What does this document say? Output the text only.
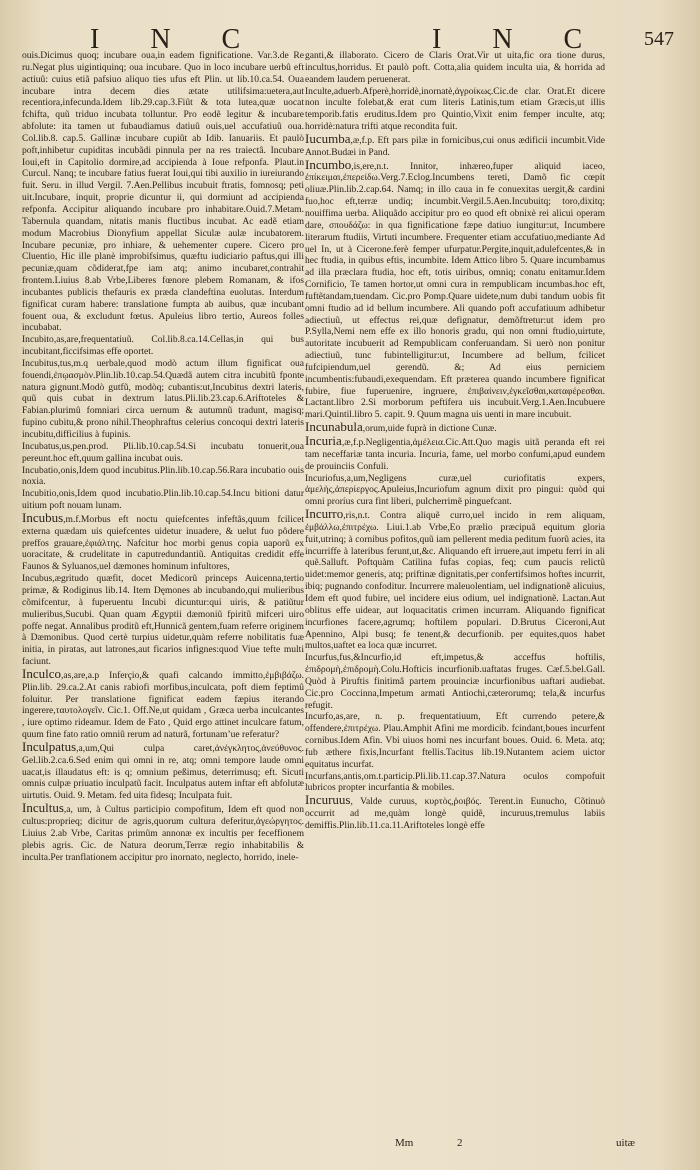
I N C	I N C 547

ouis.Dicimus quoq; incubare oua,in eadem fignificatione. Var.3.de Re ru.Negat plus uigintiquinq; oua incubare. Quo in loco incubare uerbû eft actiuû: cuius etiã pafsiuo aliquo ties ufus eft Plin. ut lib.10.ca.54. Oua incubare intra decem dies ætate utilifsima:uetera,aut recentiora,infecunda.Idem lib.29.cap.3.Fiût & tota lutea,quæ uocat fchifta, quũ triduo incubata tolluntur. Pro eodẽ legitur & incubare abfolute: ita tamen ut fubaudiamus datiuû ouis,uel accufatiuû oua. Col.lib.8. cap.5. Gallinæ incubare cupiût ab Idib. Ianuariis. Et paulò poft,inhibetur cupiditas incubãdi pinnula per na res traiectâ. Incubare Ioui,eft in Capitolio dormire,ad accipienda à Ioue refponfa. Plaut.in Curcul. Nanq; te incubare fatius fuerat Ioui,qui tibi auxilio in iureiurando fuit. Seru. in illud Vergil. 7.Aen.Pellibus incubuit ftratis, fomnosq; peti uit.Incubare, inquit, proprie dicuntur ii, qui dormiunt ad accipienda refponfa. Accipitur aliquando incubare pro inhabitare.Ouid.7.Metam. Tabernula quandam, nitatis manis fluctibus incubat. Ac eadẽ etiam modum Macrobius Dionyfium appellat Siculæ aulæ incubatorem. Incubare pecuniæ, pro inhiare, & uehementer cupere. Cicero pro Cluentio, Hic ille planè improbifsimus, quæftu iudiciario paftus,qui illi pecuniæ,quam cõdiderat,fpe iam atq; animo incubaret,contrahit frontem.Liuius 8.ab Vrbe,Liberes fœnore plebem Romanam, & ifos incubantes publicis thefauris ex præda clandeftina euolutas. Interdum fignificat curam habere: translatione fumpta ab auibus, quæ incubant fouent oua, & excludunt fœtus. Apuleius libro tertio, Aureos folles incubabat.

Incubito,as,are,frequentatiuũ. Col.lib.8.ca.14.Cellas,in qui bus incubitant,ficcifsimas effe oportet.

Incubitus,tus,m.q uerbale,quod modò actum illum fignificat oua fouendi,ἐπῳασμὸν.Plin.lib.10.cap.54.Quædã autem citra incubitũ fponte natura gignunt.Modò gutfũ, modòq; cubantis:ut,Incubitus dextri lateris, quũ quis cubat in dextrum latus.Pli.lib.23.cap.6.Ariftoteles & Fabian.plurimû fomniari circa uernum & autumnũ tradunt, magisq; fupino cubitu,& prono nihil.Theophraftus celerius concoqui dextri lateris incubitu,difficilius à fupinis.

Incubatus,us,pen.prod. Pli.lib.10.cap.54.Si incubatu tonuerit,oua pereunt.hoc eft,quum gallina incubat ouis.

Incubatio,onis,Idem quod incubitus.Plin.lib.10.cap.56.Rara incubatio ouis noxia.

Incubitio,onis,Idem quod incubatio.Plin.lib.10.cap.54.Incu bitioni datur uitium poft nouam lunam.

Incubus,m.f.Morbus eft noctu quiefcentes infeftãs,quum fcilicet externa quædam uis quiefcentes uidetur inuadere, & uelut fuo pôdere preffos grauare,ἐφιάλτης. Nafcitur hoc morbi genus copia uaporũ ex uoracitate, & crudelitate in caputredundantiũ. Antiquitas credidit effe Faunos & Syluanos,uel dæmones hominum infultores,

Incubus,ægritudo quæfit, docet Medicorũ princeps Auicenna,tertio primæ, & Rodiginus lib.14. Item Dęmones ab incubando,qui mulieribus cõmifcentur, à fuperuentu Incubi dicuntur:qui uiris, & patiũtur mulieribus,Sucubi. Quan quam Ægyptii dæmoniũ fpiritũ mifceri uiro poffe negat. Annalibus proditũ eft,Hunnicã gentem,fuam referre originem à Dæmonibus. Quod certè turpius uidetur,quàm referre nobilitatis fuæ initia, in piratas, aut latrones,aut ficarios infignes:quod Viue tefte multi faciunt.

Inculco,as,are,a.p Inferçio,& quafi calcando immitto,ἐμβιβάζω. Plin.lib. 29.ca.2.At canis rabiofi morfibus,inculcata, poft diem feptimû foluitur. Per translatione fignificat eadem fæpius iterando ingerere,ταυτολογεῖν. Cic.1. Off.Ne,ut quidam , Græca uerba inculcantes , iure optimo rideamur. Idem de Fato , Quid ergo attinet inculcare fatum, quum fine fato ratio omniũ rerum ad naturã, fortunamʼue referatur?

Inculpatus,a,um,Qui culpa caret,ἀνέγκλητος,ἀνεύθυνος. Gel.lib.2.ca.6.Sed enim qui omni in re, atq; omni tempore laude omni uacat,is illaudatus eft: is q; omnium peßimus, deterrimusq; eft. Sicuti omnis culpæ priuatio inculpatũ facit. Inculpatus autem inftar eft abfolutæ uirtutis. Ouid. 9. Metam. fed uita fidesq; Inculpata fuit.

Incultus,a, um, à Cultus participio compofitum, Idem eft quod non cultus:proprieq; dicitur de agris,quorum cultura deferitur,ἀγεώργητος. Liuius 2.ab Vrbe, Caritas primũm annonæ ex incultis per feceffionem plebis agris. Cic. de Natura deorum,Terræ regio inhabitabilis & inculta.Per tranflationem accipitur pro inornato, neglecto, horrido, inele-

ganti,& illaborato. Cicero de Claris Orat.Vir ut uita,fic ora tione durus, incultus,horridus. Et paulò poft. Cotta,alia quidem inculta uia, & horrida ad eandem laudem peruenerat.

Inculte,aduerb.Afperè,horridè,inornatè,ἀγροίκως.Cic.de clar. Orat.Et dicere non inculte folebat,& erat cum literis Latinis,tum etiam Græcis,ut illis temporib.fatis eruditus.Idem pro Quintio,Vixit enim femper inculte, atq; horridè:natura trifti atque recondita fuit.

Iucumba,æ,f.p. Eft pars pilæ in fornicibus,cui onus ædificii incumbit.Vide Annot.Budæi in Pand.

Incumbo,is,ere,n.t. Innitor, inhæreo,fuper aliquid iaceo, ἐπίκειμαι,ἐπερείδω.Verg.7.Eclog.Incumbens tereti, Damõ fic cœpit oliuæ.Plin.lib.2.cap.64. Namq; in illo caua in fe conuexitas uergit,& cardini fuo,hoc eft,terræ undiq; incumbit.Vergil.5.Aen.Incubuitq; toro,dixitq; nouiffima uerba. Aliquãdo accipitur pro eo quod eft obnixè rei alicui operam dare, σπουδάζω: in qua fignificatione fæpe datiuo iungitur:ut, Incumbere literarum ftudiis, Virtuti incumbere. Frequenter etiam accufatiuo,mediante Ad uel In, ut à Cicerone.ferè femper ufurpatur.Pergite,inquit,adulefcentes,& in hec ftudia, in quibus eftis, incumbite. Idem Attico libro 5. Quare incumbamus ad illa præclara ftudia, hoc eft, totis uiribus, omniq; conatu enitamur.Idem Cornificio, Te tamen hortor,ut omni cura in rempublicam incumbas.hoc eft, fuftẽtandam,tuendam. Cic.pro Pomp.Quare uidete,num dubi tandum uobis fit omni ftudio ad id bellum incumbere. Ali quando poft accufatiuum adhibetur adiectiuũ, ut effectus rei,quæ defignatur, demõftretur:ut idem pro P.Sylla,Nemi nem effe ex illo honoris gradu, qui non omni ftudio,uirtute, autoritate incubuerit ad Rempublicam conferuandam. Si uerò non ponitur adiectiuũ, tunc fubintelligitur:ut, Incumbere ad bellum, fcilicet fufcipiendum,uel gerendũ. &; Ad eius perniciem incumbentis:fubaudi,exequendam. Eft præterea quando incumbere fignificat fubire, fiue fuperuenire, ingruere, ἐπιβαίνειν,ἐγκεῖσθαι,καταφέρεσθαι. Lactant.libro 2.Si morborum peftifera uis incubuit.Verg.1.Aen.Incubuere mari.Quintil.libro 5. capit. 9. Quum magna uis uenti in mare incubuit.

Incunabula,orum,uide fuprà in dictione Cunæ.

Incuria,æ,f.p.Negligentia,ἀμέλεια.Cic.Att.Quo magis uitã peranda eft rei tam neceffariæ tanta incuria. Incuria, fame, uel morbo confumi,apud eundem de prouinciis Confuli.

Incuriofus,a,um,Negligens curæ,uel curiofitatis expers, ἀμελὴς,ἀπερίεργος.Apuleius,Incuriofum agnum dixit pro pingui: quòd qui omni proríus cura fint liberi, pulcherrimẽ pinguefcant.

Incurro,ris,n.t. Contra aliquẽ curro,uel incido in rem aliquam, ἐμβάλλω,ἐπιτρέχω. Liui.1.ab Vrbe,Eo prælio præcipuã equitum gloria fuit,utrinq; à cornibus pofitos,quũ iam pellerent media peditum fuorũ acies, ita incurriffe à lateribus ferunt,ut,&c. Aliquando eft irruere,aut impetu ferri in ali quẽ.Salluft. Poftquàm Catilina fufas copias, feq; cum paucis relictũ uidet:memor generis, atq; priftinæ dignitatis,per confertifsimos hoftes incurrit, ibiq; pugnando confoditur. Incurrere maleuolentiam, uel indignationẽ alicuius, Idem eft quod fubire, uel incidere eius odium, uel indignationẽ. Lactan.Aut oblitus effe uidear, aut loquacitatis crimen incurram. Aliquando fignificat incurfiones facere,agrumq; hoftilem populari. D.Brutus Ciceroni,Aut Apennino, Alpi busq; fe tenent,& decurfionib. per equites,quos habet multos,uaftet ea loca quæ incurret.

Incurfus,fus,&Incurfio,id eft,impetus,& acceffus hoftilis, ἐπιδρομὴ,ἐπιδρομὴ.Colu.Hofticis incurfionib.uaftatas fruges. Cæf.5.bel.Gall. Quòd à Piruftis finitimâ partem prouinciæ incurfionibus uaftari audiebat. Cic.pro Coccinna,Impetum armati Antiochi,cæterorumq; tela,& incurfus refugit.

Incurfo,as,are, n. p. frequentatiuum, Eft currendo petere,& offendere,ἐπιτρέχω. Plau.Amphit Afini me mordicib. fcindant,boues incurfent cornibus.Idem Afin. Vbi uiuos homi nes incurfant boues. Ouid. 6. Meta. atq; fub æthere fixis,Incurfant ftellis.Tacitus lib.19.Nutantem aciem uictor equitatus incurfat.

Incurfans,antis,om.t.particip.Pli.lib.11.cap.37.Natura oculos compofuit lubricos propter incurfantia & mobiles.

Incuruus, Valde curuus, κυρτὸς,ῥοιβός. Terent.in Eunucho, Cõtinuò occurrit ad me,quàm longè quidẽ, incuruus,tremulus labiis demiffis.Plin.lib.11.ca.11.Ariftoteles longè effe

Mm	2	uitæ
